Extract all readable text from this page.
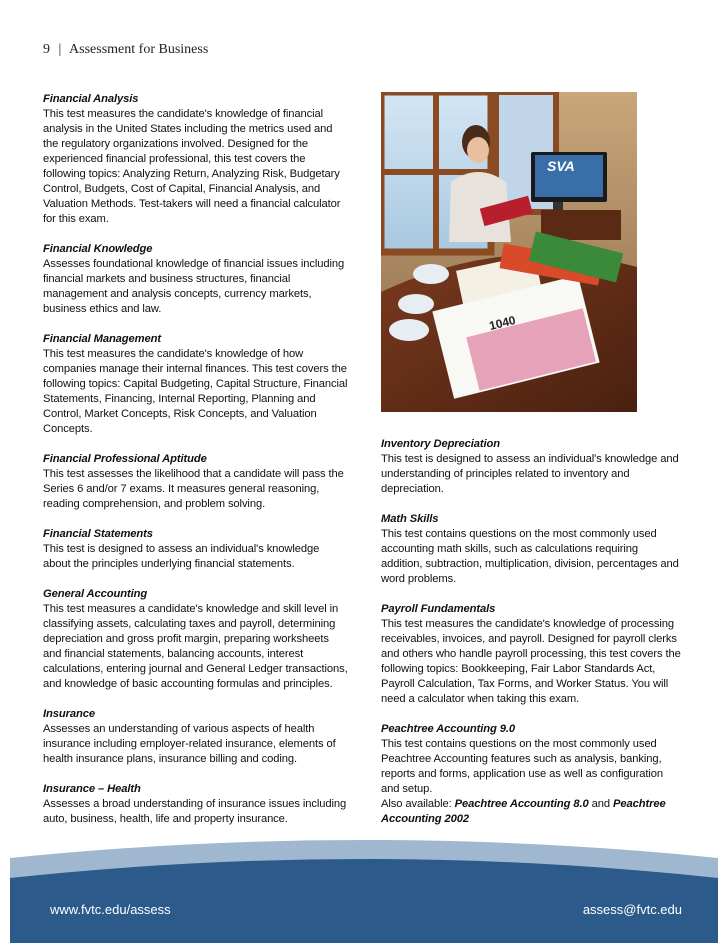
9 | Assessment for Business
Financial Analysis
This test measures the candidate's knowledge of financial analysis in the United States including the metrics used and the regulatory organizations involved. Designed for the experienced financial professional, this test covers the following topics: Analyzing Return, Analyzing Risk, Budgetary Control, Budgets, Cost of Capital, Financial Analysis, and Valuation Methods. Test-takers will need a financial calculator for this exam.
Financial Knowledge
Assesses foundational knowledge of financial issues including financial markets and business structures, financial management and analysis concepts, currency markets, business ethics and law.
Financial Management
This test measures the candidate's knowledge of how companies manage their internal finances. This test covers the following topics: Capital Budgeting, Capital Structure, Financial Statements, Financing, Internal Reporting, Planning and Control, Market Concepts, Risk Concepts, and Valuation Concepts.
Financial Professional Aptitude
This test assesses the likelihood that a candidate will pass the Series 6 and/or 7 exams. It measures general reasoning, reading comprehension, and problem solving.
Financial Statements
This test is designed to assess an individual's knowledge about the principles underlying financial statements.
General Accounting
This test measures a candidate's knowledge and skill level in classifying assets, calculating taxes and payroll, determining depreciation and gross profit margin, preparing worksheets and financial statements, balancing accounts, interest calculations, entering journal and General Ledger transactions, and knowledge of basic accounting formulas and principles.
Insurance
Assesses an understanding of various aspects of health insurance including employer-related insurance, elements of health insurance plans, insurance billing and coding.
Insurance – Health
Assesses a broad understanding of insurance issues including auto, business, health, life and property insurance.
SVA
1040
Inventory Depreciation
This test is designed to assess an individual's knowledge and understanding of principles related to inventory and depreciation.
Math Skills
This test contains questions on the most commonly used accounting math skills, such as calculations requiring addition, subtraction, multiplication, division, percentages and word problems.
Payroll Fundamentals
This test measures the candidate's knowledge of processing receivables, invoices, and payroll. Designed for payroll clerks and others who handle payroll processing, this test covers the following topics: Bookkeeping, Fair Labor Standards Act, Payroll Calculation, Tax Forms, and Worker Status. You will need a calculator when taking this exam.
Peachtree Accounting 9.0
This test contains questions on the most commonly used Peachtree Accounting features such as analysis, banking, reports and forms, application use as well as configuration and setup.
Also available: Peachtree Accounting 8.0 and Peachtree Accounting 2002
www.fvtc.edu/assess	assess@fvtc.edu
